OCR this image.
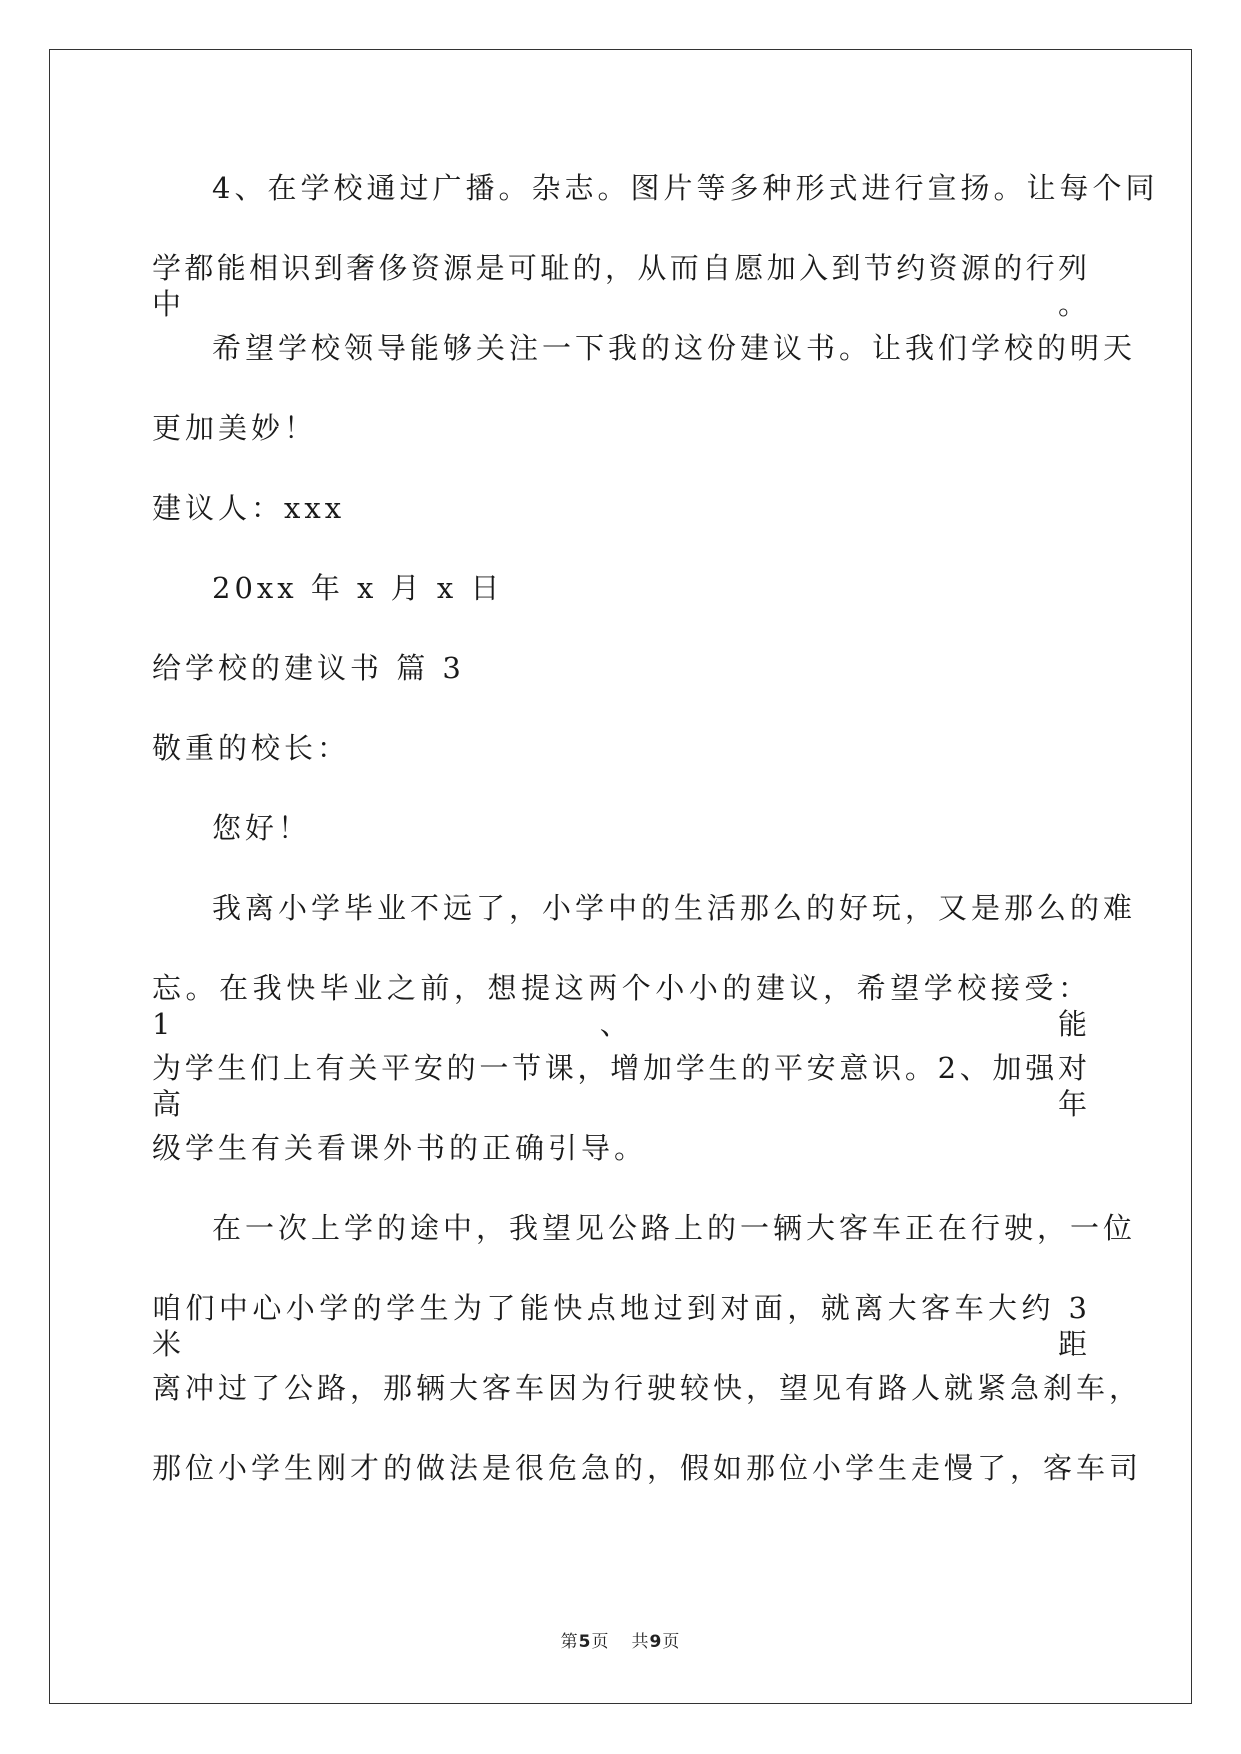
4、在学校通过广播。杂志。图片等多种形式进行宣扬。让每个同
学都能相识到奢侈资源是可耻的，从而自愿加入到节约资源的行列中。
希望学校领导能够关注一下我的这份建议书。让我们学校的明天
更加美妙！
建议人：xxx
20xx 年 x 月 x 日
给学校的建议书 篇 3
敬重的校长：
您好！
我离小学毕业不远了，小学中的生活那么的好玩，又是那么的难
忘。在我快毕业之前，想提这两个小小的建议，希望学校接受：1、能
为学生们上有关平安的一节课，增加学生的平安意识。2、加强对高年
级学生有关看课外书的正确引导。
在一次上学的途中，我望见公路上的一辆大客车正在行驶，一位
咱们中心小学的学生为了能快点地过到对面，就离大客车大约 3 米距
离冲过了公路，那辆大客车因为行驶较快，望见有路人就紧急刹车，
那位小学生刚才的做法是很危急的，假如那位小学生走慢了，客车司
第5页 共9页
